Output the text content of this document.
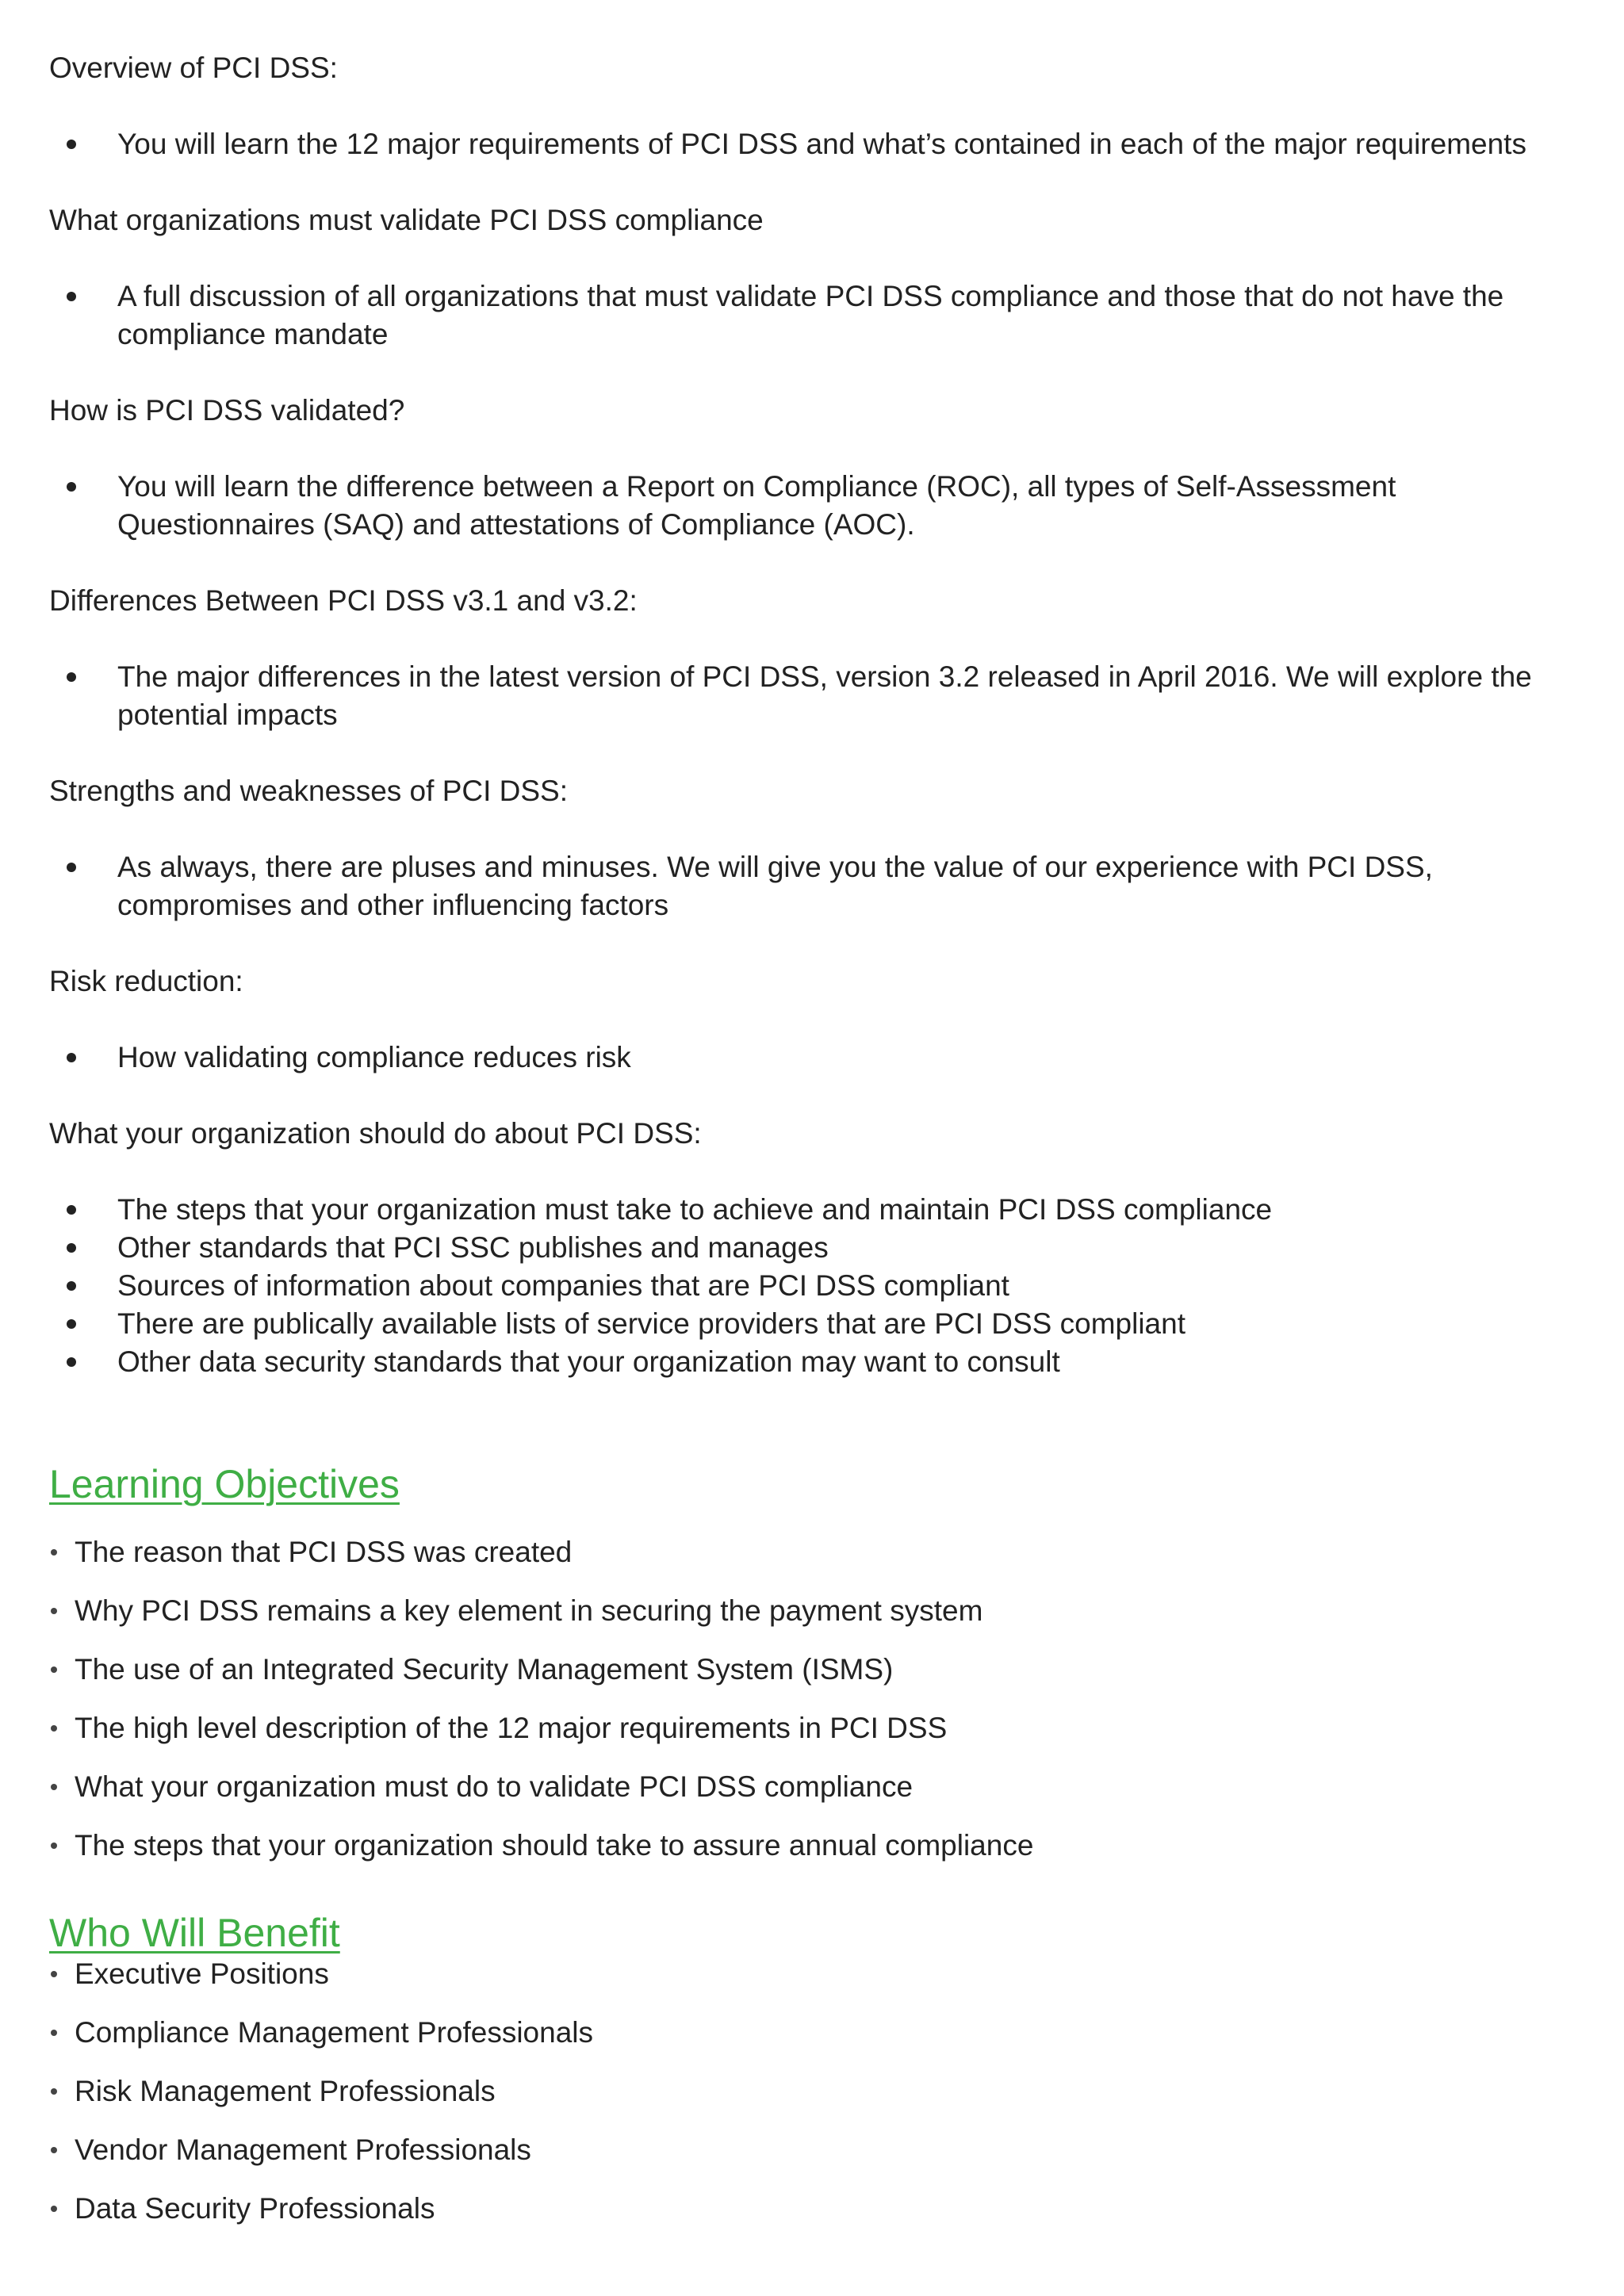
Overview of PCI DSS:

You will learn the 12 major requirements of PCI DSS and what’s contained in each of the major requirements

What organizations must validate PCI DSS compliance

A full discussion of all organizations that must validate PCI DSS compliance and those that do not have the compliance mandate

How is PCI DSS validated?

You will learn the difference between a Report on Compliance (ROC), all types of Self-Assessment Questionnaires (SAQ) and attestations of Compliance (AOC).

Differences Between PCI DSS v3.1 and v3.2:

The major differences in the latest version of PCI DSS, version 3.2 released in April 2016. We will explore the potential impacts

Strengths and weaknesses of PCI DSS:

As always, there are pluses and minuses. We will give you the value of our experience with PCI DSS, compromises and other influencing factors

Risk reduction:

How validating compliance reduces risk

What your organization should do about PCI DSS:

The steps that your organization must take to achieve and maintain PCI DSS compliance
Other standards that PCI SSC publishes and manages
Sources of information about companies that are PCI DSS compliant
There are publically available lists of service providers that are PCI DSS compliant
Other data security standards that your organization may want to consult
Learning Objectives
The reason that PCI DSS was created
Why PCI DSS remains a key element in securing the payment system
The use of an Integrated Security Management System (ISMS)
The high level description of the 12 major requirements in PCI DSS
What your organization must do to validate PCI DSS compliance
The steps that your organization should take to assure annual compliance
Who Will Benefit
Executive Positions
Compliance Management Professionals
Risk Management Professionals
Vendor Management Professionals
Data Security Professionals
